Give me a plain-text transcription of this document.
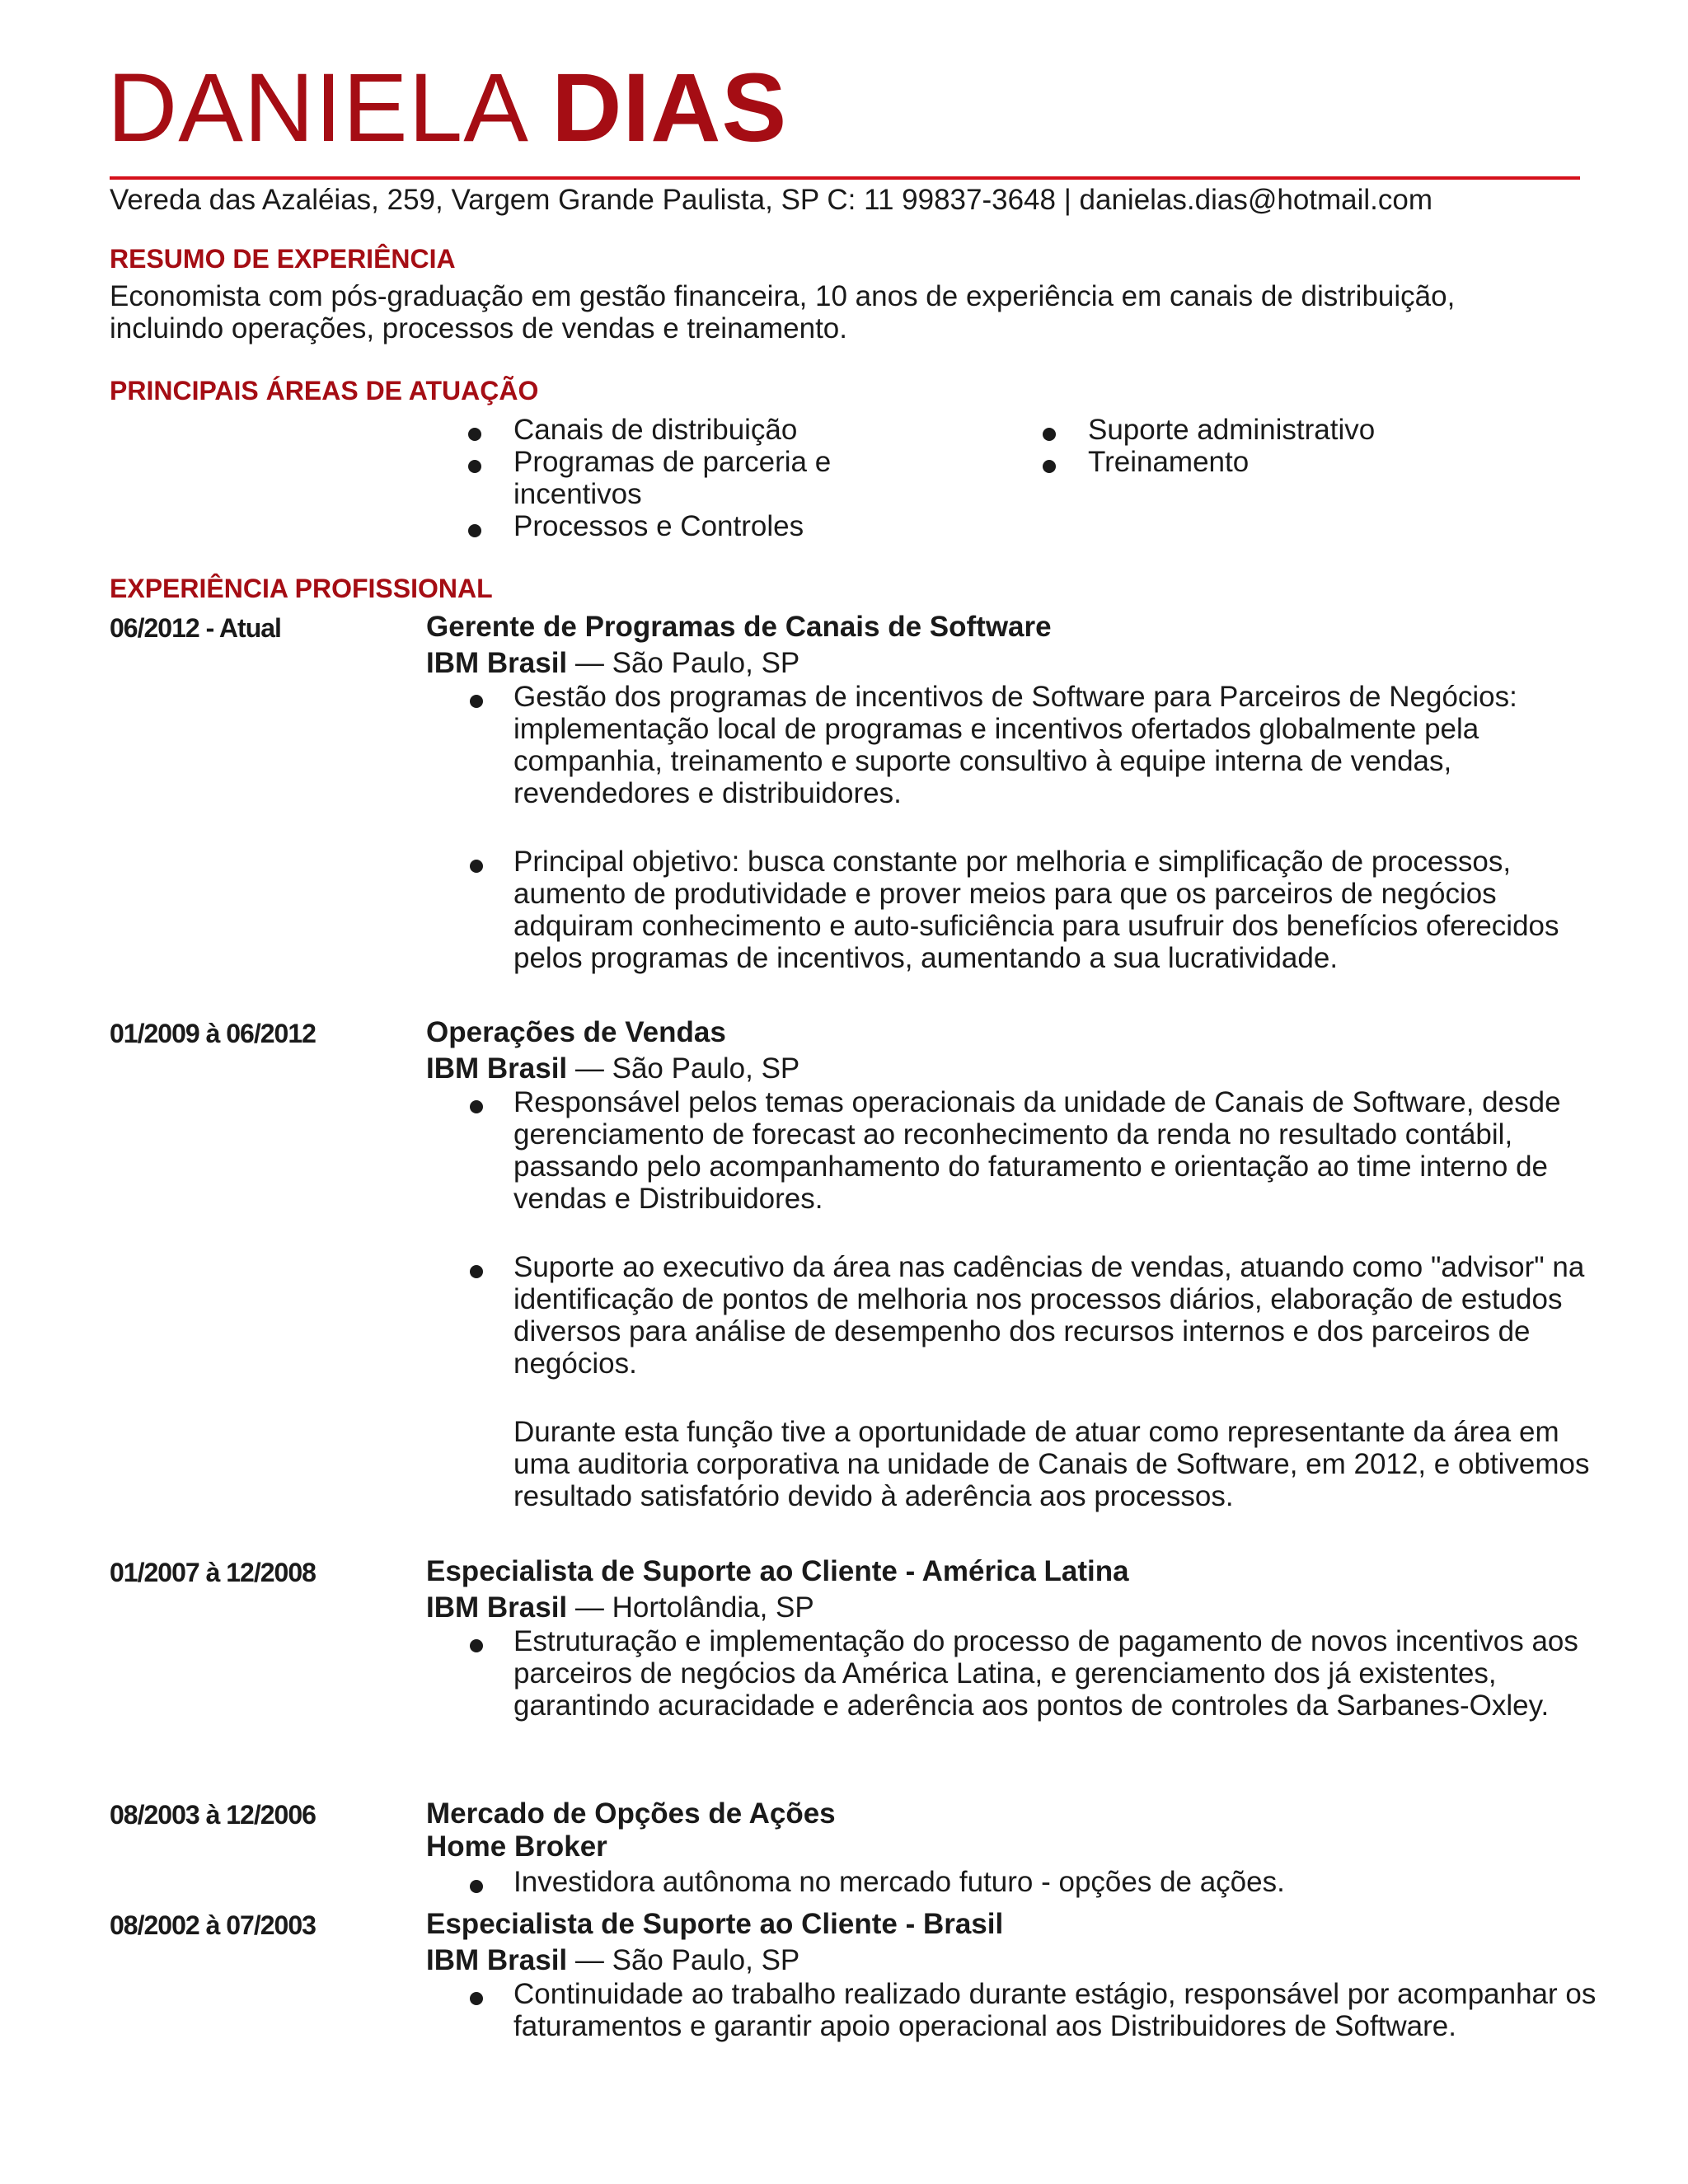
DANIELA DIAS
Vereda das Azaléias, 259, Vargem Grande Paulista, SP C: 11 99837-3648 | danielas.dias@hotmail.com
RESUMO DE EXPERIÊNCIA
Economista com pós-graduação em gestão financeira, 10 anos de experiência em canais de distribuição, incluindo operações, processos de vendas e treinamento.
PRINCIPAIS ÁREAS DE ATUAÇÃO
Canais de distribuição
Programas de parceria e incentivos
Processos e Controles
Suporte administrativo
Treinamento
EXPERIÊNCIA PROFISSIONAL
06/2012 - Atual	Gerente de Programas de Canais de Software
IBM Brasil — São Paulo, SP
Gestão dos programas de incentivos de Software para Parceiros de Negócios: implementação local de programas e incentivos ofertados globalmente pela companhia, treinamento e suporte consultivo à equipe interna de vendas, revendedores e distribuidores.
Principal objetivo: busca constante por melhoria e simplificação de processos, aumento de produtividade e prover meios para que os parceiros de negócios adquiram conhecimento e auto-suficiência para usufruir dos benefícios oferecidos pelos programas de incentivos, aumentando a sua lucratividade.
01/2009 à 06/2012	Operações de Vendas
IBM Brasil — São Paulo, SP
Responsável pelos temas operacionais da unidade de Canais de Software, desde gerenciamento de forecast ao reconhecimento da renda no resultado contábil, passando pelo acompanhamento do faturamento e orientação ao time interno de vendas e Distribuidores.
Suporte ao executivo da área nas cadências de vendas, atuando como "advisor" na identificação de pontos de melhoria nos processos diários, elaboração de estudos diversos para análise de desempenho dos recursos internos e dos parceiros de negócios.
Durante esta função tive a oportunidade de atuar como representante da área em uma auditoria corporativa na unidade de Canais de Software, em 2012, e obtivemos resultado satisfatório devido à aderência aos processos.
01/2007 à 12/2008	Especialista de Suporte ao Cliente - América Latina
IBM Brasil — Hortolândia, SP
Estruturação e implementação do processo de pagamento de novos incentivos aos parceiros de negócios da América Latina, e gerenciamento dos já existentes, garantindo acuracidade e aderência aos pontos de controles da Sarbanes-Oxley.
08/2003 à 12/2006	Mercado de Opções de Ações
Home Broker
Investidora autônoma no mercado futuro - opções de ações.
08/2002 à 07/2003	Especialista de Suporte ao Cliente - Brasil
IBM Brasil — São Paulo, SP
Continuidade ao trabalho realizado durante estágio, responsável por acompanhar os faturamentos e garantir apoio operacional aos Distribuidores de Software.
